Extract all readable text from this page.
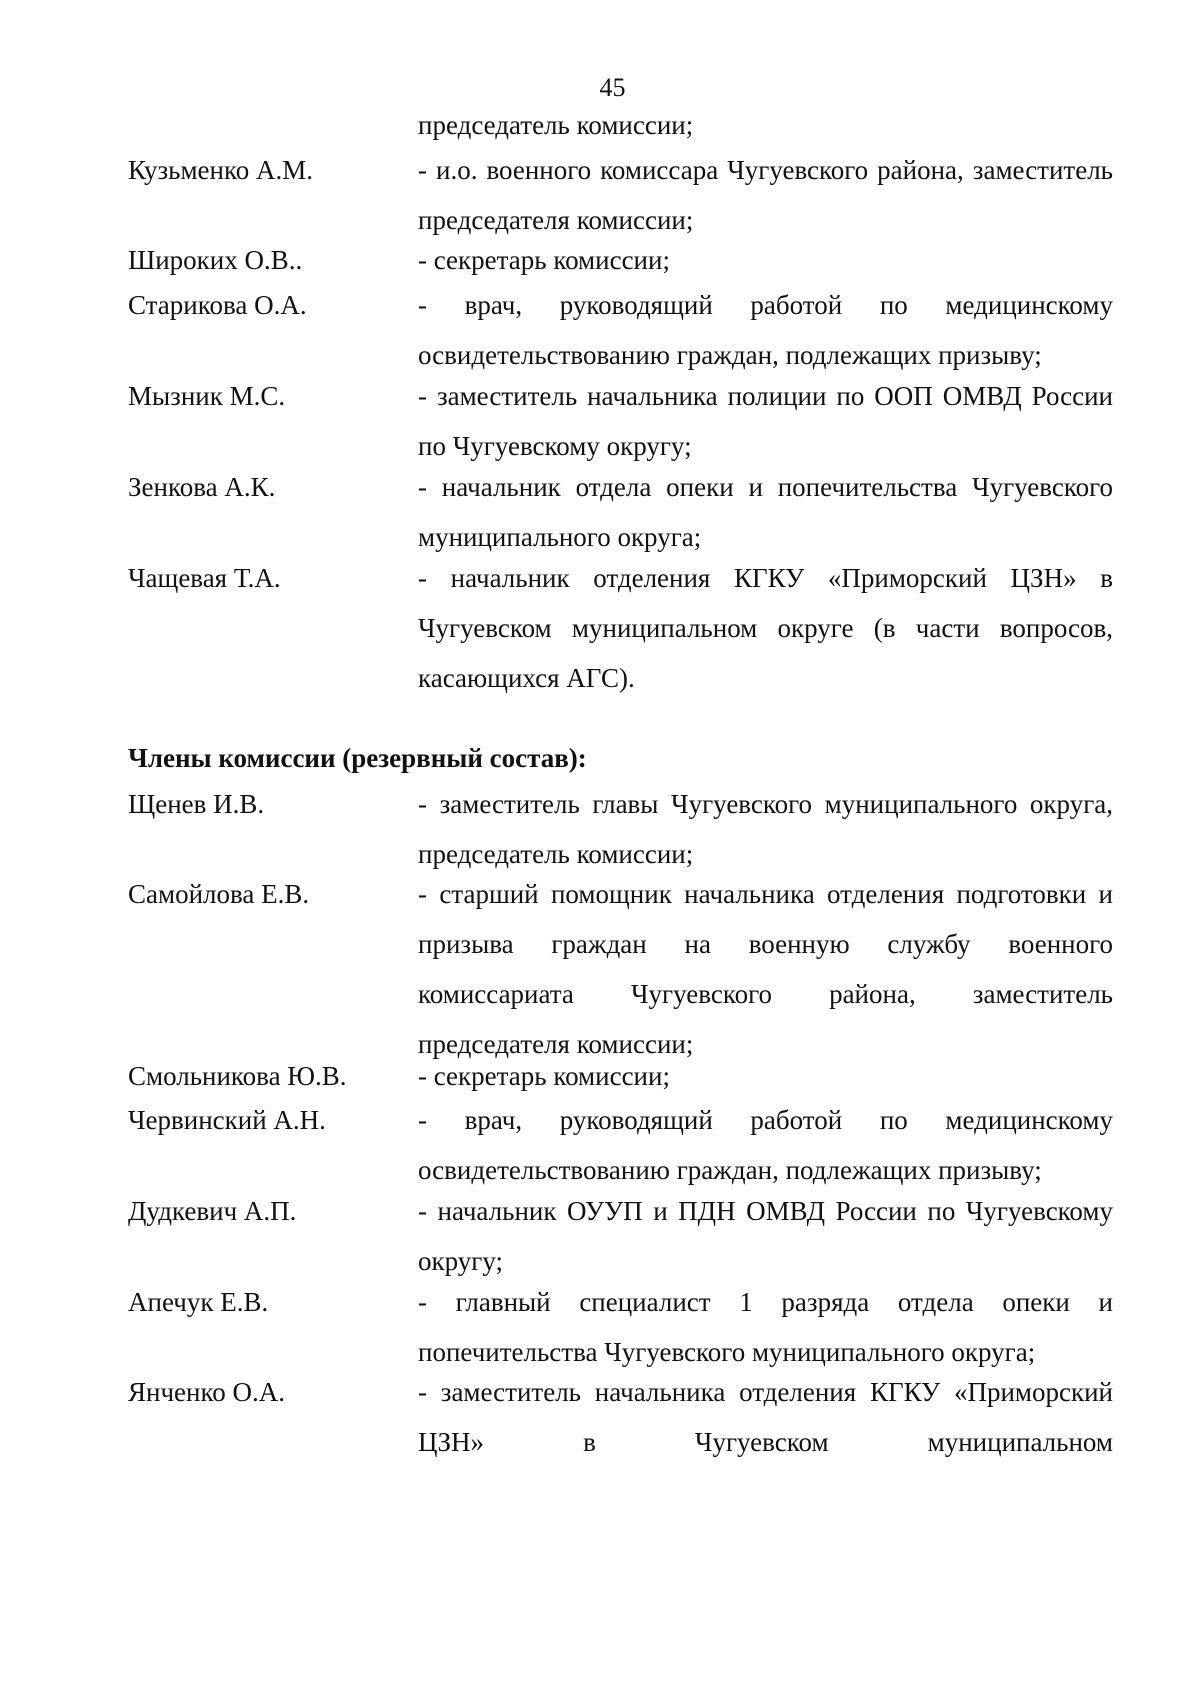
45
председатель комиссии;
Кузьменко А.М.	- и.о. военного комиссара Чугуевского района, заместитель председателя комиссии;
Широких О.В..	- секретарь комиссии;
Старикова О.А.	- врач, руководящий работой по медицинскому освидетельствованию граждан, подлежащих призыву;
Мызник М.С.	- заместитель начальника полиции по ООП ОМВД России по Чугуевскому округу;
Зенкова А.К.	- начальник отдела опеки и попечительства Чугуевского муниципального округа;
Чащевая Т.А.	- начальник отделения КГКУ «Приморский ЦЗН» в Чугуевском муниципальном округе (в части вопросов, касающихся АГС).
Члены комиссии (резервный состав):
Щенев И.В.	- заместитель главы Чугуевского муниципального округа, председатель комиссии;
Самойлова Е.В.	- старший помощник начальника отделения подготовки и призыва граждан на военную службу военного комиссариата Чугуевского района, заместитель председателя комиссии;
Смольникова Ю.В.	- секретарь комиссии;
Червинский А.Н.	- врач, руководящий работой по медицинскому освидетельствованию граждан, подлежащих призыву;
Дудкевич А.П.	- начальник ОУУП и ПДН ОМВД России по Чугуевскому округу;
Апечук Е.В.	- главный специалист 1 разряда отдела опеки и попечительства Чугуевского муниципального округа;
Янченко О.А.	- заместитель начальника отделения КГКУ «Приморский ЦЗН» в Чугуевском муниципальном
